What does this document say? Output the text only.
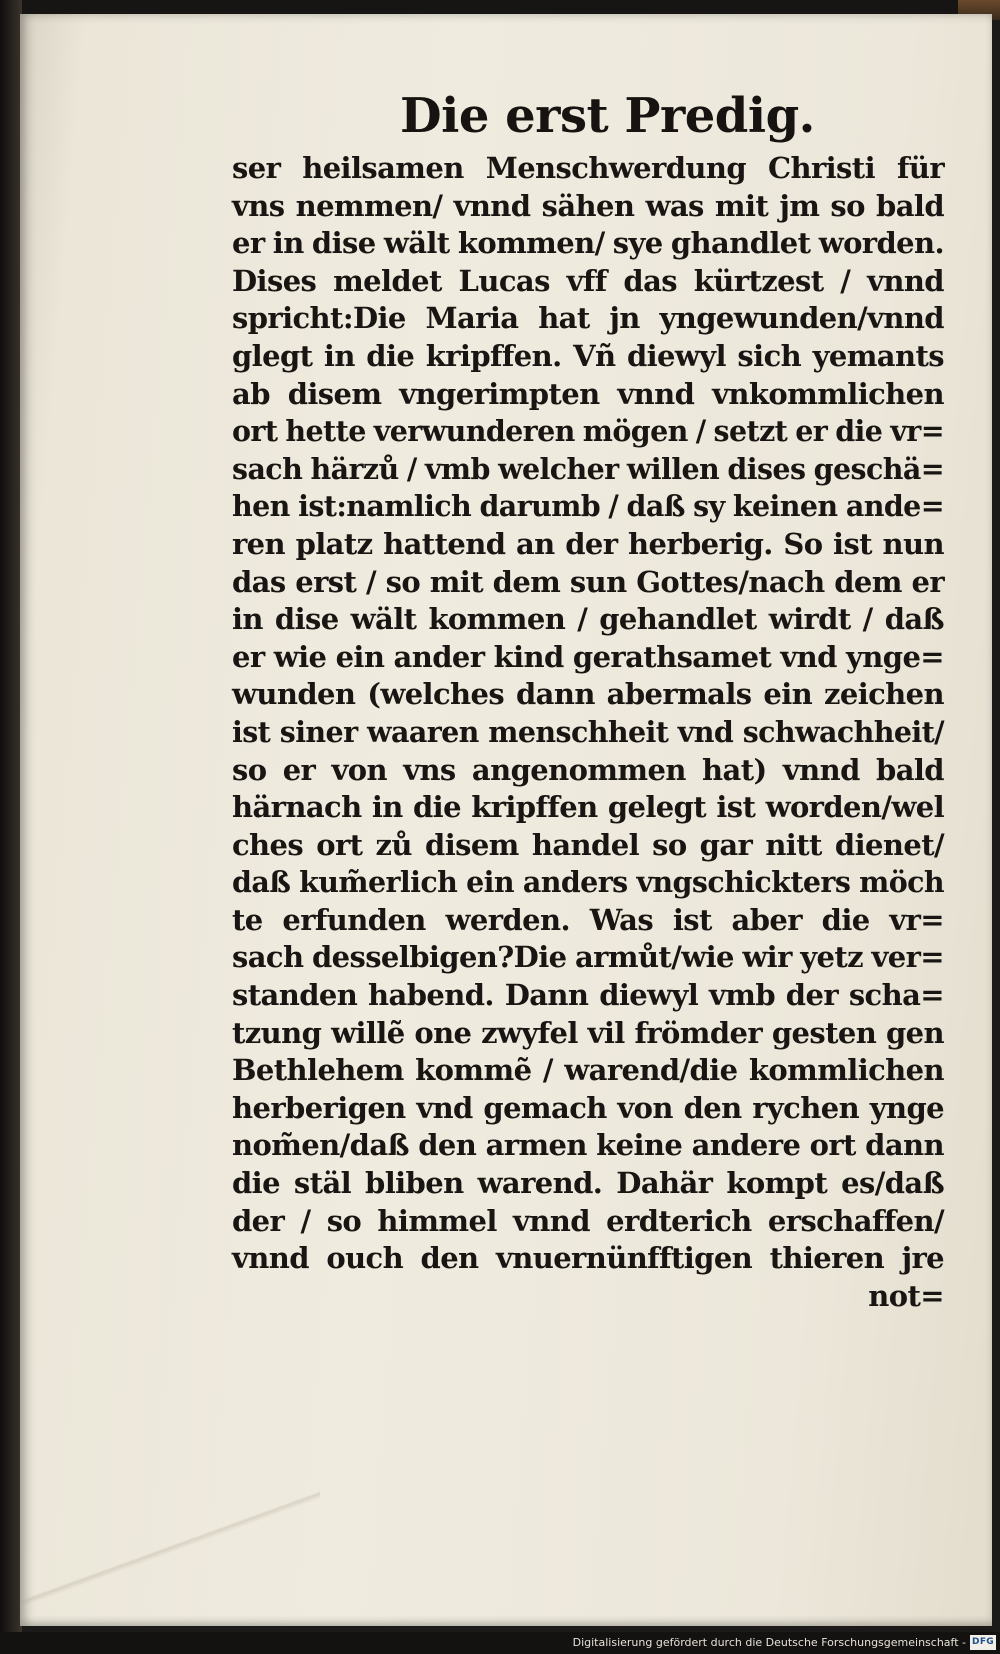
Die erst Predig.
ser heilsamen Menschwerdung Christi für
vns nemmen/ vnnd sähen was mit jm so bald
er in dise wält kommen/ sye ghandlet worden.
Dises meldet Lucas vff das kürtzest / vnnd
spricht:Die Maria hat jn yngewunden/vnnd
glegt in die kripffen. Vñ diewyl sich yemants
ab disem vngerimpten vnnd vnkommlichen
ort hette verwunderen mögen / setzt er die vr=
sach härzů / vmb welcher willen dises geschä=
hen ist:namlich darumb / daß sy keinen ande=
ren platz hattend an der herberig. So ist nun
das erst / so mit dem sun Gottes/nach dem er
in dise wält kommen / gehandlet wirdt / daß
er wie ein ander kind gerathsamet vnd ynge=
wunden (welches dann abermals ein zeichen
ist siner waaren menschheit vnd schwachheit/
so er von vns angenommen hat) vnnd bald
härnach in die kripffen gelegt ist worden/wel
ches ort zů disem handel so gar nitt dienet/
daß kum̃erlich ein anders vngschickters möch
te erfunden werden. Was ist aber die vr=
sach desselbigen?Die armůt/wie wir yetz ver=
standen habend. Dann diewyl vmb der scha=
tzung willẽ one zwyfel vil frömder gesten gen
Bethlehem kommẽ / warend/die kommlichen
herberigen vnd gemach von den rychen ynge
nom̃en/daß den armen keine andere ort dann
die stäl bliben warend. Dahär kompt es/daß
der / so himmel vnnd erdterich erschaffen/
vnnd ouch den vnuernünfftigen thieren jre
not=
Digitalisierung gefördert durch die Deutsche Forschungsgemeinschaft - DFG
